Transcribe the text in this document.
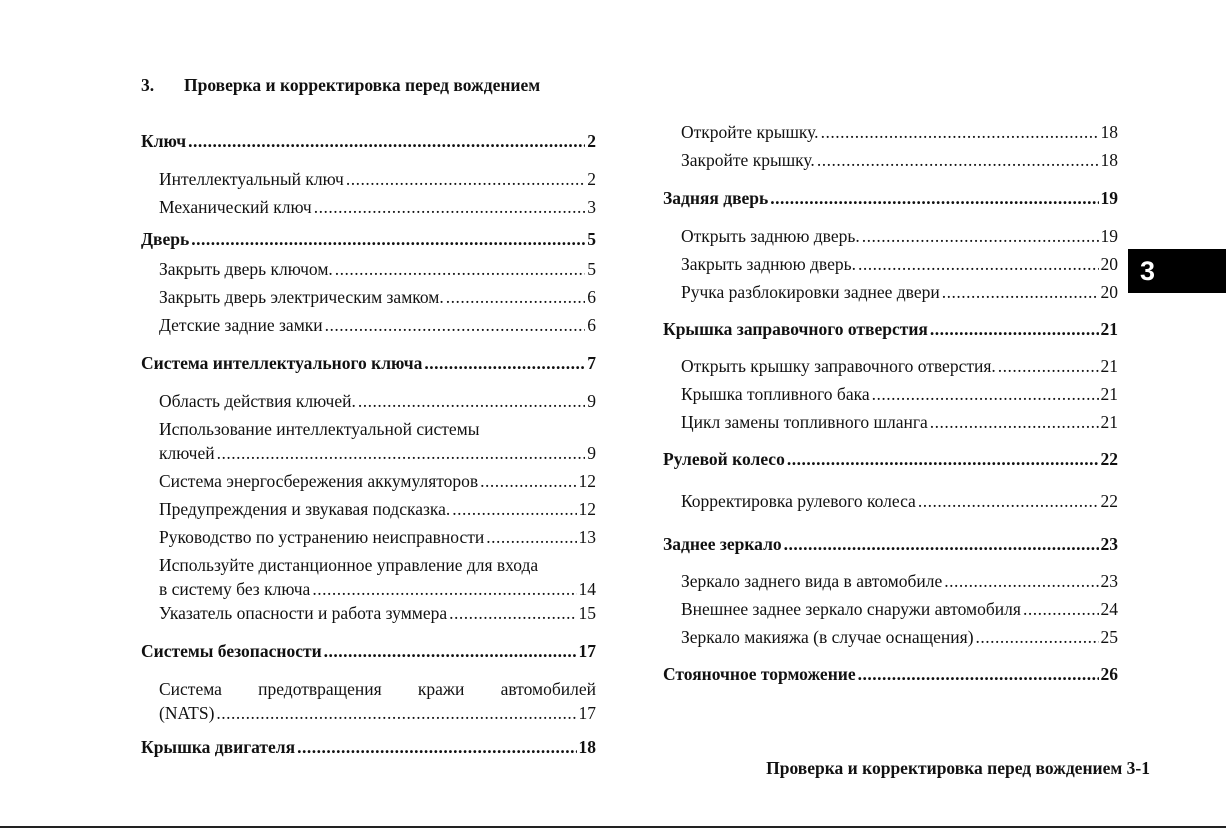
3. Проверка и корректировка перед вождением
Ключ .....	2
Интеллектуальный ключ .....	2
Механический ключ .....	3
Дверь .....	5
Закрыть дверь ключом. .....	5
Закрыть дверь электрическим замком. .....	6
Детские задние замки .....	6
Система интеллектуального ключа .....	7
Область действия ключей. .....	9
Использование интеллектуальной системы
ключей .....	9
Система энергосбережения аккумуляторов .....	12
Предупреждения и звукавая подсказка. .....	12
Руководство по устранению неисправности .....	13
Используйте дистанционное управление для входа
в систему без ключа .....	14
Указатель опасности и работа зуммера .....	15
Системы безопасности .....	17
Система предотвращения кражи автомобилей
(NATS) .....	17
Крышка двигателя .....	18
Откройте крышку. .....	18
Закройте крышку. .....	18
Задняя дверь .....	19
Открыть заднюю дверь. .....	19
Закрыть заднюю дверь. .....	20
Ручка разблокировки заднее двери .....	20
Крышка заправочного отверстия .....	21
Открыть крышку заправочного отверстия. .....	21
Крышка топливного бака .....	21
Цикл замены топливного шланга .....	21
Рулевой колесо .....	22
Корректировка рулевого колеса .....	22
Заднее зеркало .....	23
Зеркало заднего вида в автомобиле .....	23
Внешнее заднее зеркало снаружи автомобиля .....	24
Зеркало макияжа (в случае оснащения) .....	25
Стояночное торможение .....	26
3
Проверка и корректировка перед вождением 3-1
